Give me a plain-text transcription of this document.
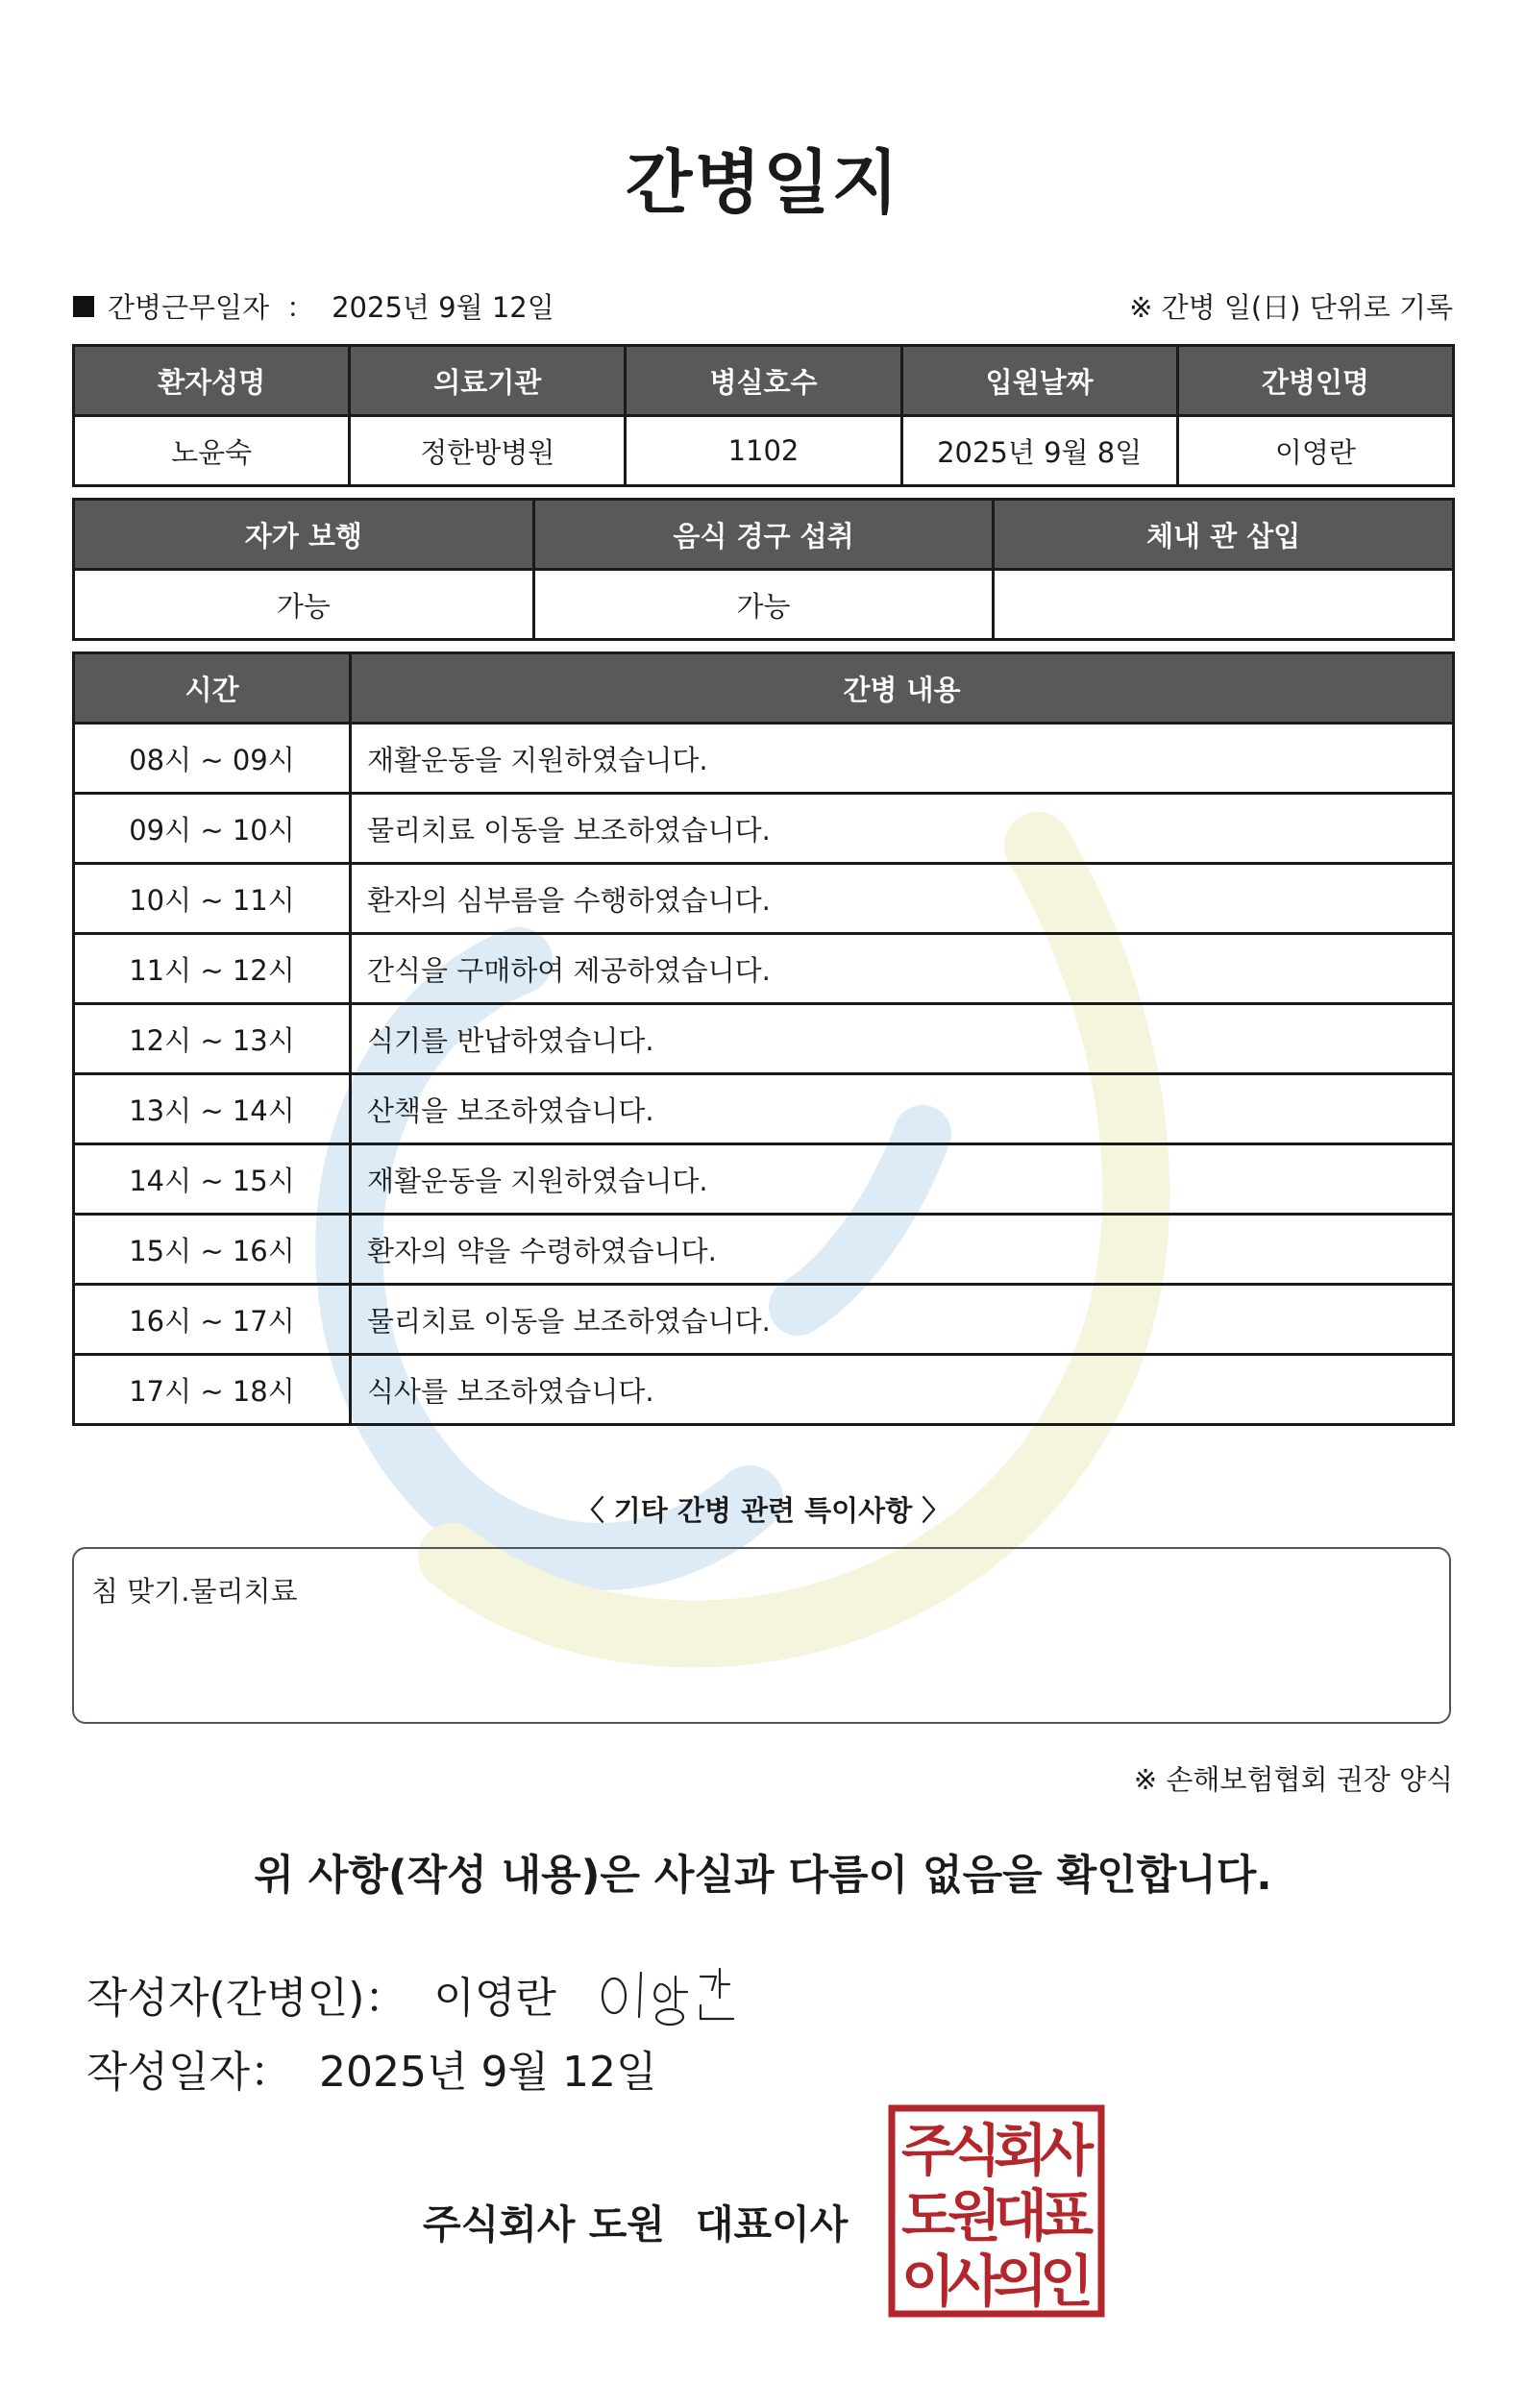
간병일지
간병근무일자 ： 2025년 9월 12일	※ 간병 일(日) 단위로 기록
환자성명	의료기관	병실호수	입원날짜	간병인명
노윤숙	정한방병원	1102	2025년 9월 8일	이영란
자가 보행	음식 경구 섭취	체내 관 삽입
가능	가능	
시간	간병 내용
08시 ~ 09시	재활운동을 지원하였습니다.
09시 ~ 10시	물리치료 이동을 보조하였습니다.
10시 ~ 11시	환자의 심부름을 수행하였습니다.
11시 ~ 12시	간식을 구매하여 제공하였습니다.
12시 ~ 13시	식기를 반납하였습니다.
13시 ~ 14시	산책을 보조하였습니다.
14시 ~ 15시	재활운동을 지원하였습니다.
15시 ~ 16시	환자의 약을 수령하였습니다.
16시 ~ 17시	물리치료 이동을 보조하였습니다.
17시 ~ 18시	식사를 보조하였습니다.
〈 기타 간병 관련 특이사항 〉
침 맞기.물리치료
※ 손해보험협회 권장 양식
위 사항(작성 내용)은 사실과 다름이 없음을 확인합니다.
작성자(간병인) ： 이영란
작성일자 ： 2025년 9월 12일
주식회사 도원 대표이사
주
식
회
사
도
원
대
표
이
사
의
인
